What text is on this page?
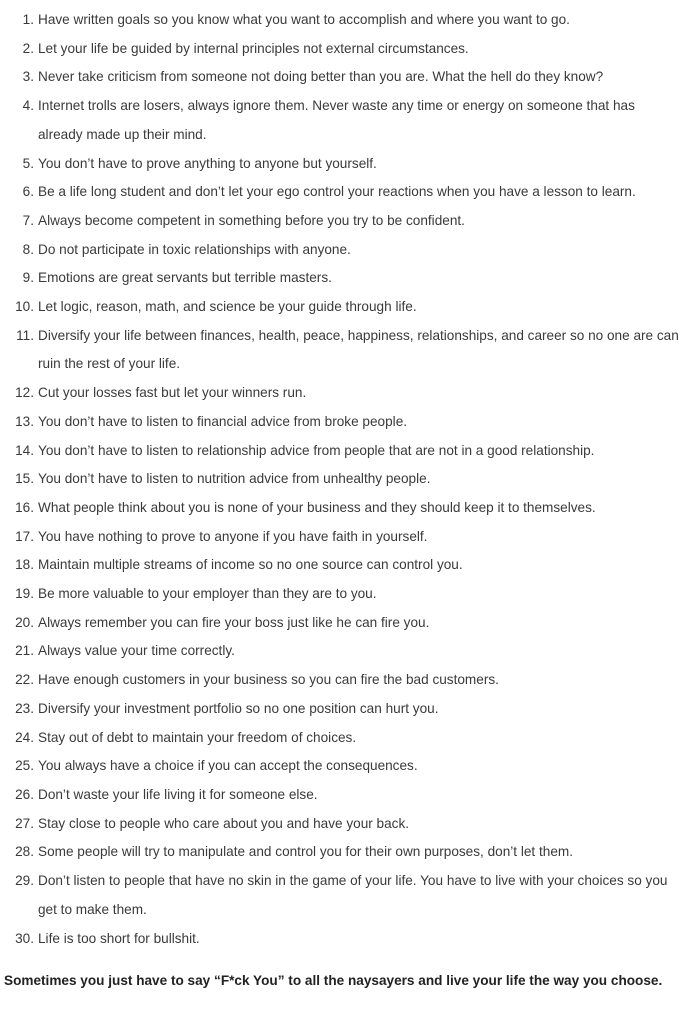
1. Have written goals so you know what you want to accomplish and where you want to go.
2. Let your life be guided by internal principles not external circumstances.
3. Never take criticism from someone not doing better than you are. What the hell do they know?
4. Internet trolls are losers, always ignore them. Never waste any time or energy on someone that has already made up their mind.
5. You don’t have to prove anything to anyone but yourself.
6. Be a life long student and don’t let your ego control your reactions when you have a lesson to learn.
7. Always become competent in something before you try to be confident.
8. Do not participate in toxic relationships with anyone.
9. Emotions are great servants but terrible masters.
10. Let logic, reason, math, and science be your guide through life.
11. Diversify your life between finances, health, peace, happiness, relationships, and career so no one are can ruin the rest of your life.
12. Cut your losses fast but let your winners run.
13. You don’t have to listen to financial advice from broke people.
14. You don’t have to listen to relationship advice from people that are not in a good relationship.
15. You don’t have to listen to nutrition advice from unhealthy people.
16. What people think about you is none of your business and they should keep it to themselves.
17. You have nothing to prove to anyone if you have faith in yourself.
18. Maintain multiple streams of income so no one source can control you.
19. Be more valuable to your employer than they are to you.
20. Always remember you can fire your boss just like he can fire you.
21. Always value your time correctly.
22. Have enough customers in your business so you can fire the bad customers.
23. Diversify your investment portfolio so no one position can hurt you.
24. Stay out of debt to maintain your freedom of choices.
25. You always have a choice if you can accept the consequences.
26. Don’t waste your life living it for someone else.
27. Stay close to people who care about you and have your back.
28. Some people will try to manipulate and control you for their own purposes, don’t let them.
29. Don’t listen to people that have no skin in the game of your life. You have to live with your choices so you get to make them.
30. Life is too short for bullshit.

Sometimes you just have to say “F*ck You” to all the naysayers and live your life the way you choose.
